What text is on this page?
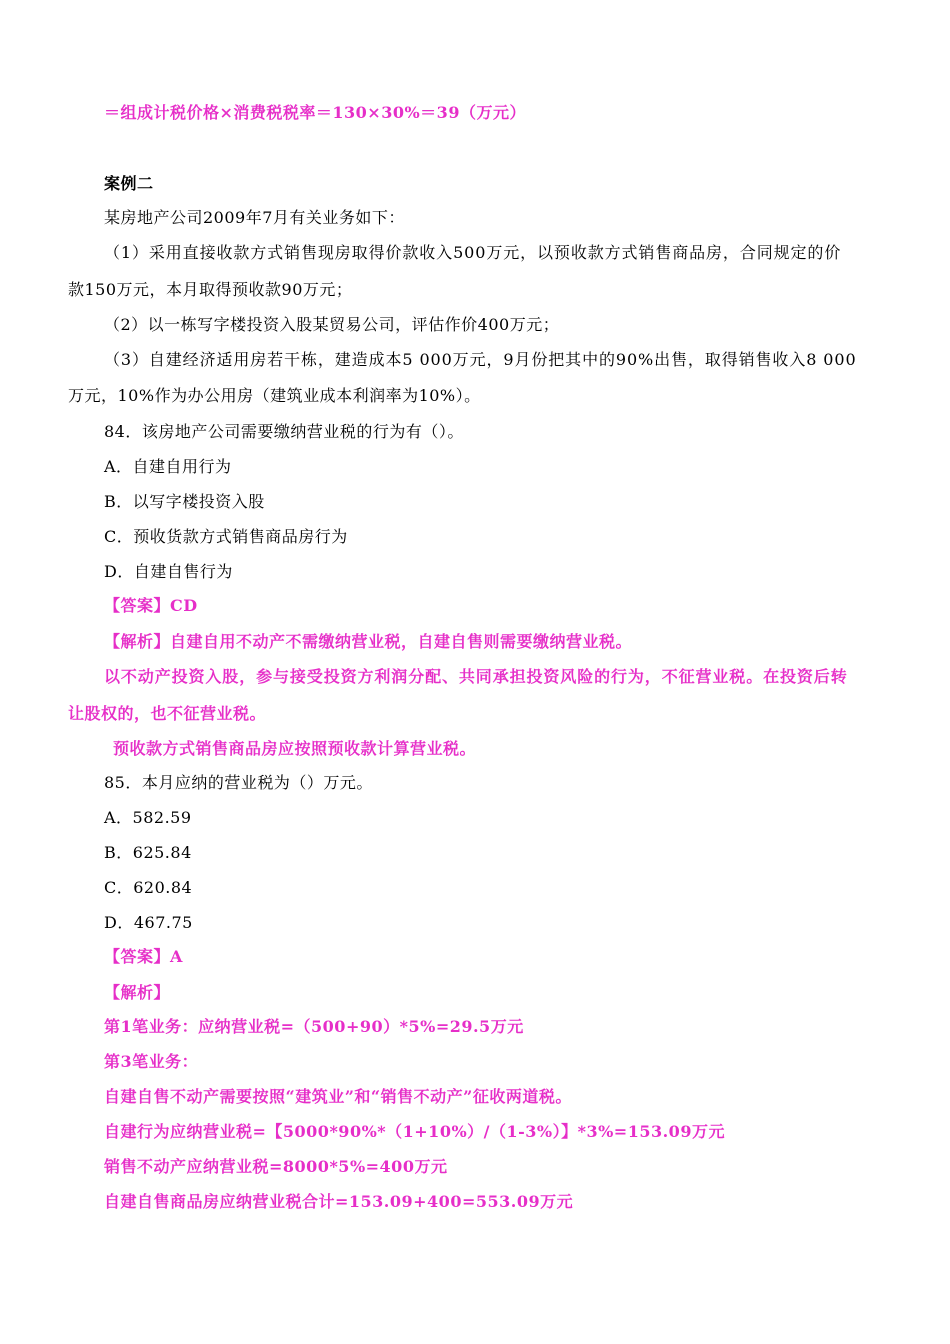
＝组成计税价格×消费税税率＝130×30%＝39（万元）
案例二
某房地产公司2009年7月有关业务如下：
（1）采用直接收款方式销售现房取得价款收入500万元，以预收款方式销售商品房，合同规定的价
款150万元，本月取得预收款90万元；
（2）以一栋写字楼投资入股某贸易公司，评估作价400万元；
（3）自建经济适用房若干栋，建造成本5 000万元，9月份把其中的90%出售，取得销售收入8 000
万元，10%作为办公用房（建筑业成本利润率为10%）。
84．该房地产公司需要缴纳营业税的行为有（）。
A．自建自用行为
B．以写字楼投资入股
C．预收货款方式销售商品房行为
D．自建自售行为
【答案】CD
【解析】自建自用不动产不需缴纳营业税，自建自售则需要缴纳营业税。
以不动产投资入股，参与接受投资方利润分配、共同承担投资风险的行为，不征营业税。在投资后转
让股权的，也不征营业税。
预收款方式销售商品房应按照预收款计算营业税。
85．本月应纳的营业税为（）万元。
A．582.59
B．625.84
C．620.84
D．467.75
【答案】A
【解析】
第1笔业务：应纳营业税=（500+90）*5%=29.5万元
第3笔业务：
自建自售不动产需要按照“建筑业”和“销售不动产”征收两道税。
自建行为应纳营业税=【5000*90%*（1+10%）/（1-3%）】*3%=153.09万元
销售不动产应纳营业税=8000*5%=400万元
自建自售商品房应纳营业税合计=153.09+400=553.09万元
